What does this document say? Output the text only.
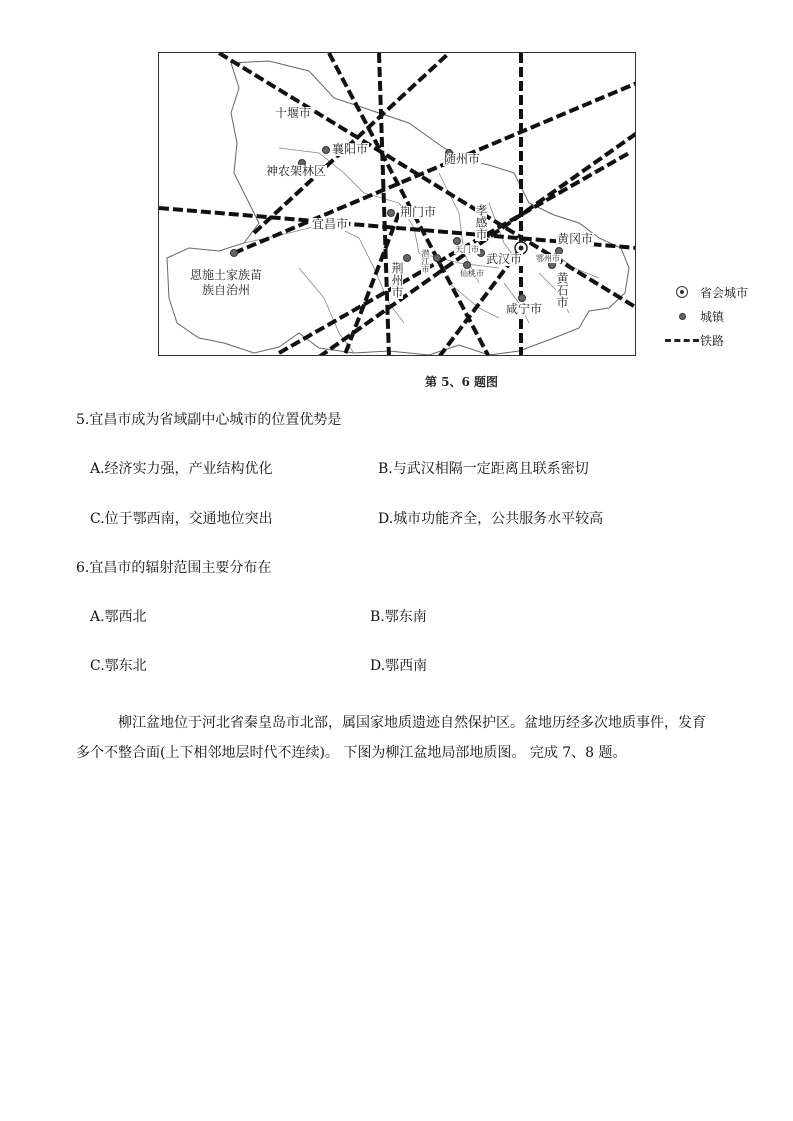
十堰市
襄阳市
神农架林区
随州市
荆门市
宜昌市	孝感市	黄冈市
恩施土家族苗族自治州
潜江市	天门市
仙桃市
武汉市 鄂州市
黄石市
咸宁市
荆州市	省会城市
城镇
铁路
第 5、6 题图
5.宜昌市成为省域副中心城市的位置优势是
A.经济实力强，产业结构优化	B.与武汉相隔一定距离且联系密切
C.位于鄂西南，交通地位突出	D.城市功能齐全，公共服务水平较高
6.宜昌市的辐射范围主要分布在
A.鄂西北	B.鄂东南
C.鄂东北	D.鄂西南
柳江盆地位于河北省秦皇岛市北部，属国家地质遗迹自然保护区。盆地历经多次地质事件，发育
多个不整合面(上下相邻地层时代不连续)。 下图为柳江盆地局部地质图。 完成 7、8 题。
